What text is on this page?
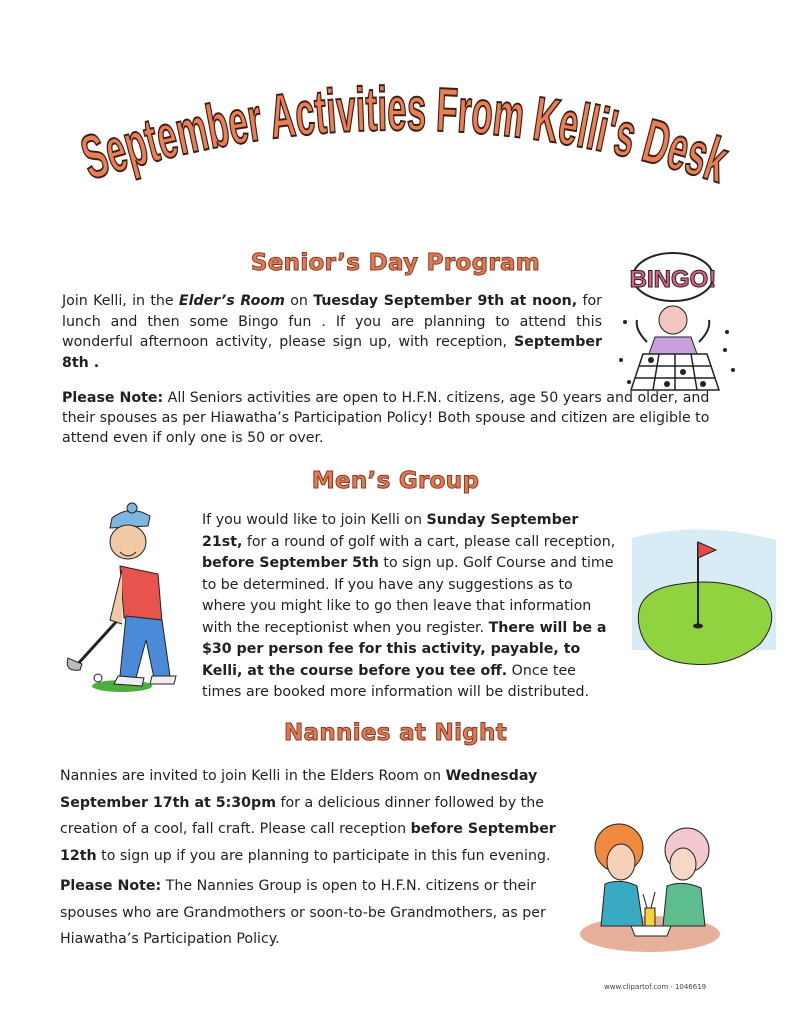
September Activities From Kelli's Des
Senior’s Day Program
Join Kelli, in the Elder’s Room on Tuesday September 9th at noon, for lunch and then some Bingo fun . If you are planning to attend this wonderful afternoon activity, please sign up, with reception, September 8th .
Please Note: All Seniors activities are open to H.F.N. citizens, age 50 years and older, and their spouses as per Hiawatha’s Participation Policy! Both spouse and citizen are eligible to attend even if only one is 50 or over.
BINGO!
Men’s Group
If you would like to join Kelli on Sunday September 21st, for a round of golf with a cart, please call reception, before September 5th to sign up. Golf Course and time to be determined. If you have any suggestions as to where you might like to go then leave that information with the receptionist when you register. There will be a $30 per person fee for this activity, payable, to Kelli, at the course before you tee off. Once tee times are booked more information will be distributed.
Nannies at Night
Nannies are invited to join Kelli in the Elders Room on Wednesday September 17th at 5:30pm for a delicious dinner followed by the creation of a cool, fall craft. Please call reception before September 12th to sign up if you are planning to participate in this fun evening.
Please Note: The Nannies Group is open to H.F.N. citizens or their spouses who are Grandmothers or soon-to-be Grandmothers, as per Hiawatha’s Participation Policy.
www.clipartof.com · 1046619
